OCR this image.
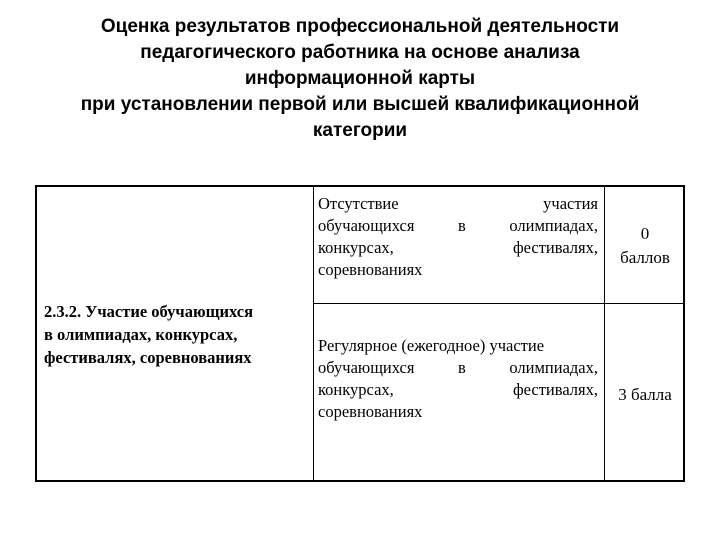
Оценка результатов профессиональной деятельности
педагогического работника на основе анализа
информационной карты
при установлении первой или высшей квалификационной
категории
2.3.2. Участие обучающихся
в олимпиадах, конкурсах,
фестивалях, соревнованиях
Отсутствие участия
обучающихся в олимпиадах,
конкурсах, фестивалях,
соревнованиях
0
баллов
Регулярное (ежегодное) участие
обучающихся в олимпиадах,
конкурсах, фестивалях,
соревнованиях
3 балла
